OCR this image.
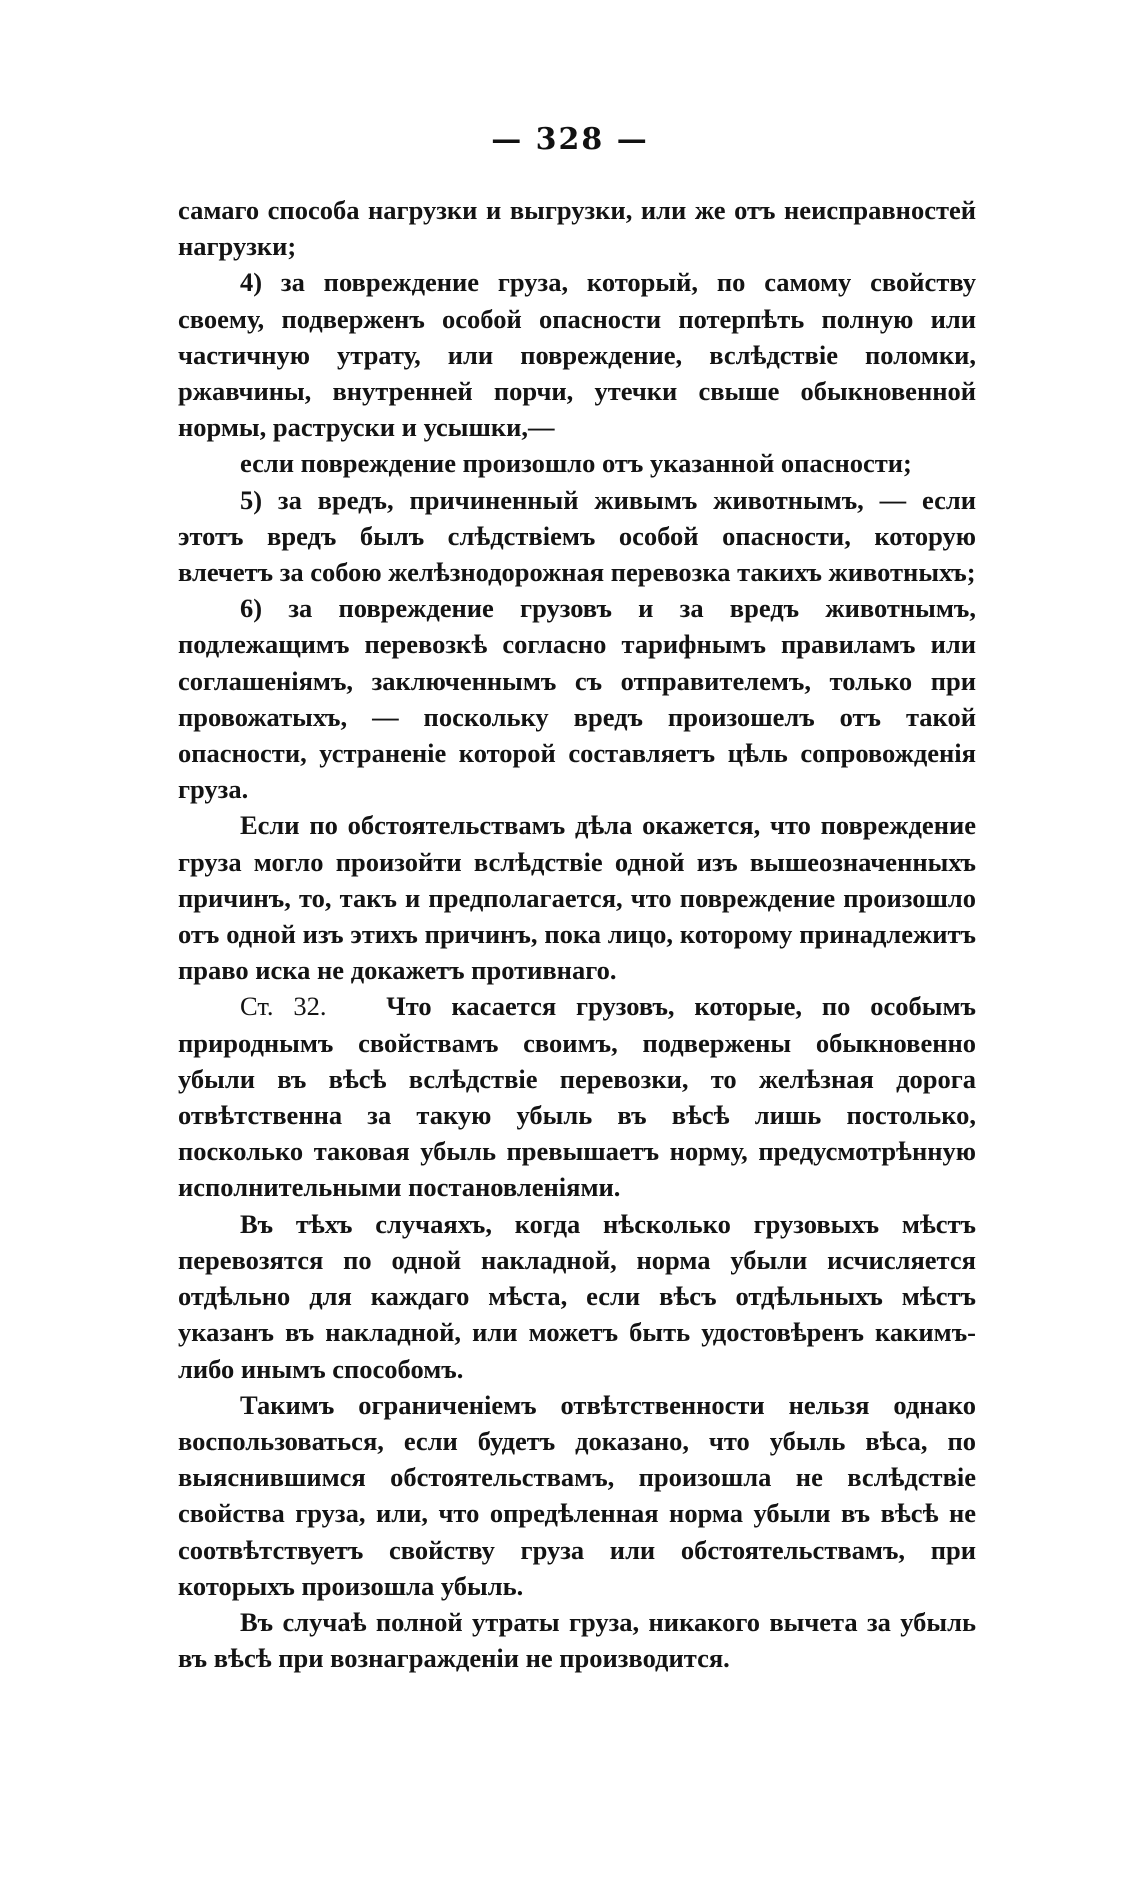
— 328 —

самаго способа нагрузки и выгрузки, или же отъ неисправностей нагрузки;

4) за повреждение груза, который, по самому свойству своему, подверженъ особой опасности потерпѣть полную или частичную утрату, или повреждение, вслѣдствіе поломки, ржавчины, внутренней порчи, утечки свыше обыкновенной нормы, раструски и усышки,—

если повреждение произошло отъ указанной опасности;

5) за вредъ, причиненный живымъ животнымъ, — если этотъ вредъ былъ слѣдствіемъ особой опасности, которую влечетъ за собою желѣзнодорожная перевозка такихъ животныхъ;

6) за повреждение грузовъ и за вредъ животнымъ, подлежащимъ перевозкѣ согласно тарифнымъ правиламъ или соглашеніямъ, заключеннымъ съ отправителемъ, только при провожатыхъ, — поскольку вредъ произошелъ отъ такой опасности, устраненіе которой составляетъ цѣль сопровожденія груза.

Если по обстоятельствамъ дѣла окажется, что повреждение груза могло произойти вслѣдствіе одной изъ вышеозначенныхъ причинъ, то, такъ и предполагается, что повреждение произошло отъ одной изъ этихъ причинъ, пока лицо, которому принадлежитъ право иска не докажетъ противнаго.

Ст. 32. Что касается грузовъ, которые, по особымъ природнымъ свойствамъ своимъ, подвержены обыкновенно убыли въ вѣсѣ вслѣдствіе перевозки, то желѣзная дорога отвѣтственна за такую убыль въ вѣсѣ лишь постолько, посколько таковая убыль превышаетъ норму, предусмотрѣнную исполнительными постановленіями.

Въ тѣхъ случаяхъ, когда нѣсколько грузовыхъ мѣстъ перевозятся по одной накладной, норма убыли исчисляется отдѣльно для каждаго мѣста, если вѣсъ отдѣльныхъ мѣстъ указанъ въ накладной, или можетъ быть удостовѣренъ какимъ-либо инымъ способомъ.

Такимъ ограниченіемъ отвѣтственности нельзя однако воспользоваться, если будетъ доказано, что убыль вѣса, по выяснившимся обстоятельствамъ, произошла не вслѣдствіе свойства груза, или, что опредѣленная норма убыли въ вѣсѣ не соотвѣтствуетъ свойству груза или обстоятельствамъ, при которыхъ произошла убыль.

Въ случаѣ полной утраты груза, никакого вычета за убыль въ вѣсѣ при вознагражденіи не производится.
